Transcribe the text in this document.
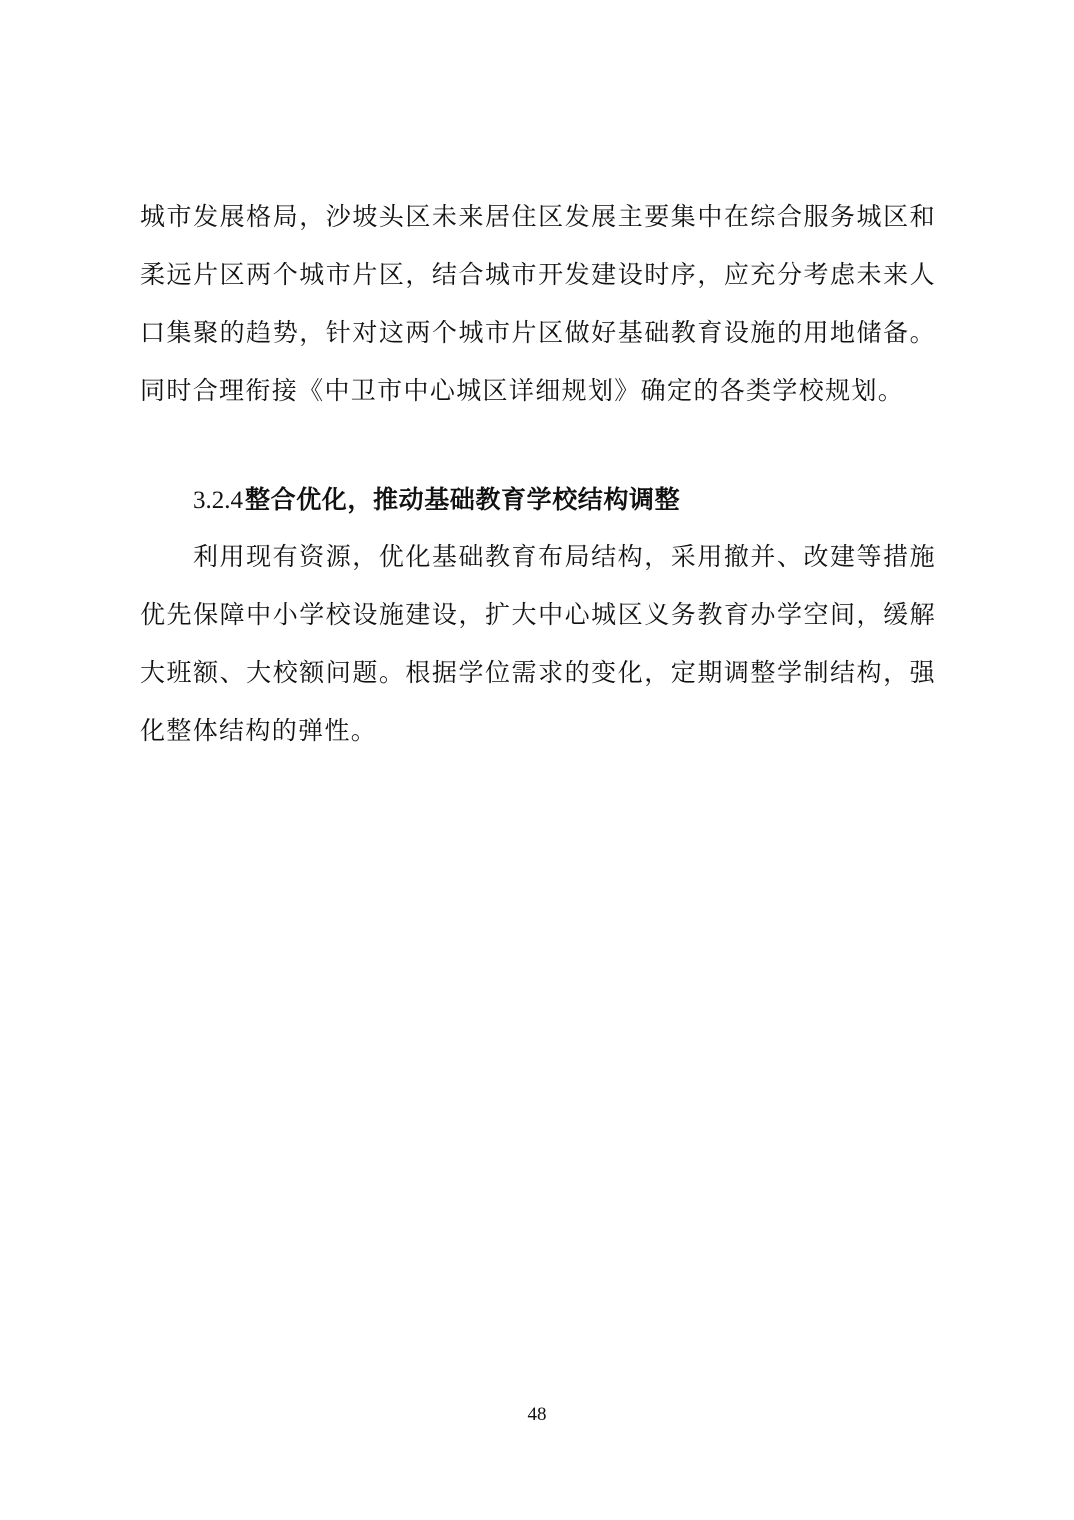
城市发展格局，沙坡头区未来居住区发展主要集中在综合服务城区和柔远片区两个城市片区，结合城市开发建设时序，应充分考虑未来人口集聚的趋势，针对这两个城市片区做好基础教育设施的用地储备。同时合理衔接《中卫市中心城区详细规划》确定的各类学校规划。

3.2.4整合优化，推动基础教育学校结构调整

利用现有资源，优化基础教育布局结构，采用撤并、改建等措施优先保障中小学校设施建设，扩大中心城区义务教育办学空间，缓解大班额、大校额问题。根据学位需求的变化，定期调整学制结构，强化整体结构的弹性。

48
